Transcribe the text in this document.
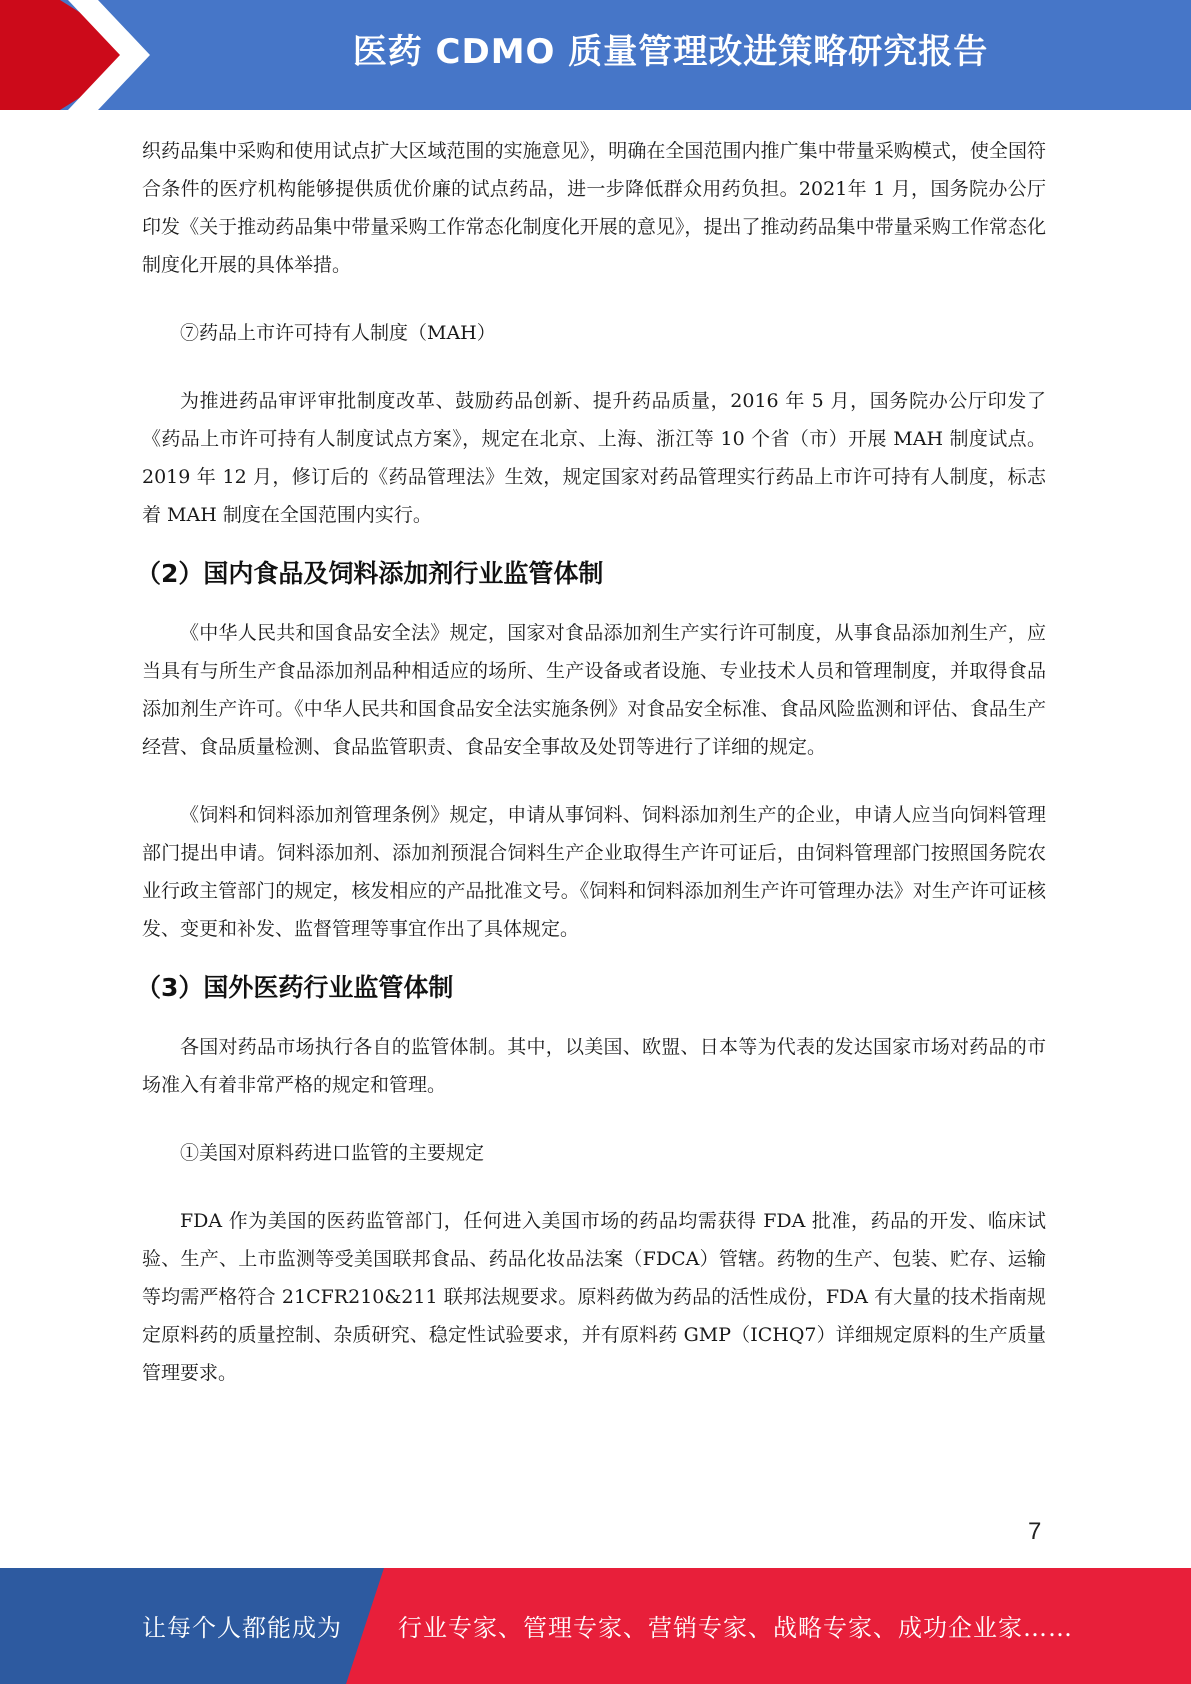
医药 CDMO 质量管理改进策略研究报告

织药品集中采购和使用试点扩大区域范围的实施意见》，明确在全国范围内推广集中带量采购模式，使全国符合条件的医疗机构能够提供质优价廉的试点药品，进一步降低群众用药负担。2021年 1 月，国务院办公厅印发《关于推动药品集中带量采购工作常态化制度化开展的意见》，提出了推动药品集中带量采购工作常态化制度化开展的具体举措。

⑦药品上市许可持有人制度（MAH）

为推进药品审评审批制度改革、鼓励药品创新、提升药品质量，2016 年 5 月，国务院办公厅印发了《药品上市许可持有人制度试点方案》，规定在北京、上海、浙江等 10 个省（市）开展 MAH 制度试点。2019 年 12 月，修订后的《药品管理法》生效，规定国家对药品管理实行药品上市许可持有人制度，标志着 MAH 制度在全国范围内实行。

（2）国内食品及饲料添加剂行业监管体制

《中华人民共和国食品安全法》规定，国家对食品添加剂生产实行许可制度，从事食品添加剂生产，应当具有与所生产食品添加剂品种相适应的场所、生产设备或者设施、专业技术人员和管理制度，并取得食品添加剂生产许可。《中华人民共和国食品安全法实施条例》对食品安全标准、食品风险监测和评估、食品生产经营、食品质量检测、食品监管职责、食品安全事故及处罚等进行了详细的规定。

《饲料和饲料添加剂管理条例》规定，申请从事饲料、饲料添加剂生产的企业，申请人应当向饲料管理部门提出申请。饲料添加剂、添加剂预混合饲料生产企业取得生产许可证后，由饲料管理部门按照国务院农业行政主管部门的规定，核发相应的产品批准文号。《饲料和饲料添加剂生产许可管理办法》对生产许可证核发、变更和补发、监督管理等事宜作出了具体规定。

（3）国外医药行业监管体制

各国对药品市场执行各自的监管体制。其中，以美国、欧盟、日本等为代表的发达国家市场对药品的市场准入有着非常严格的规定和管理。

①美国对原料药进口监管的主要规定

FDA 作为美国的医药监管部门，任何进入美国市场的药品均需获得 FDA 批准，药品的开发、临床试验、生产、上市监测等受美国联邦食品、药品化妆品法案（FDCA）管辖。药物的生产、包装、贮存、运输等均需严格符合 21CFR210&211 联邦法规要求。原料药做为药品的活性成份，FDA 有大量的技术指南规定原料药的质量控制、杂质研究、稳定性试验要求，并有原料药 GMP（ICHQ7）详细规定原料的生产质量管理要求。

7
让每个人都能成为 行业专家、管理专家、营销专家、战略专家、成功企业家……
